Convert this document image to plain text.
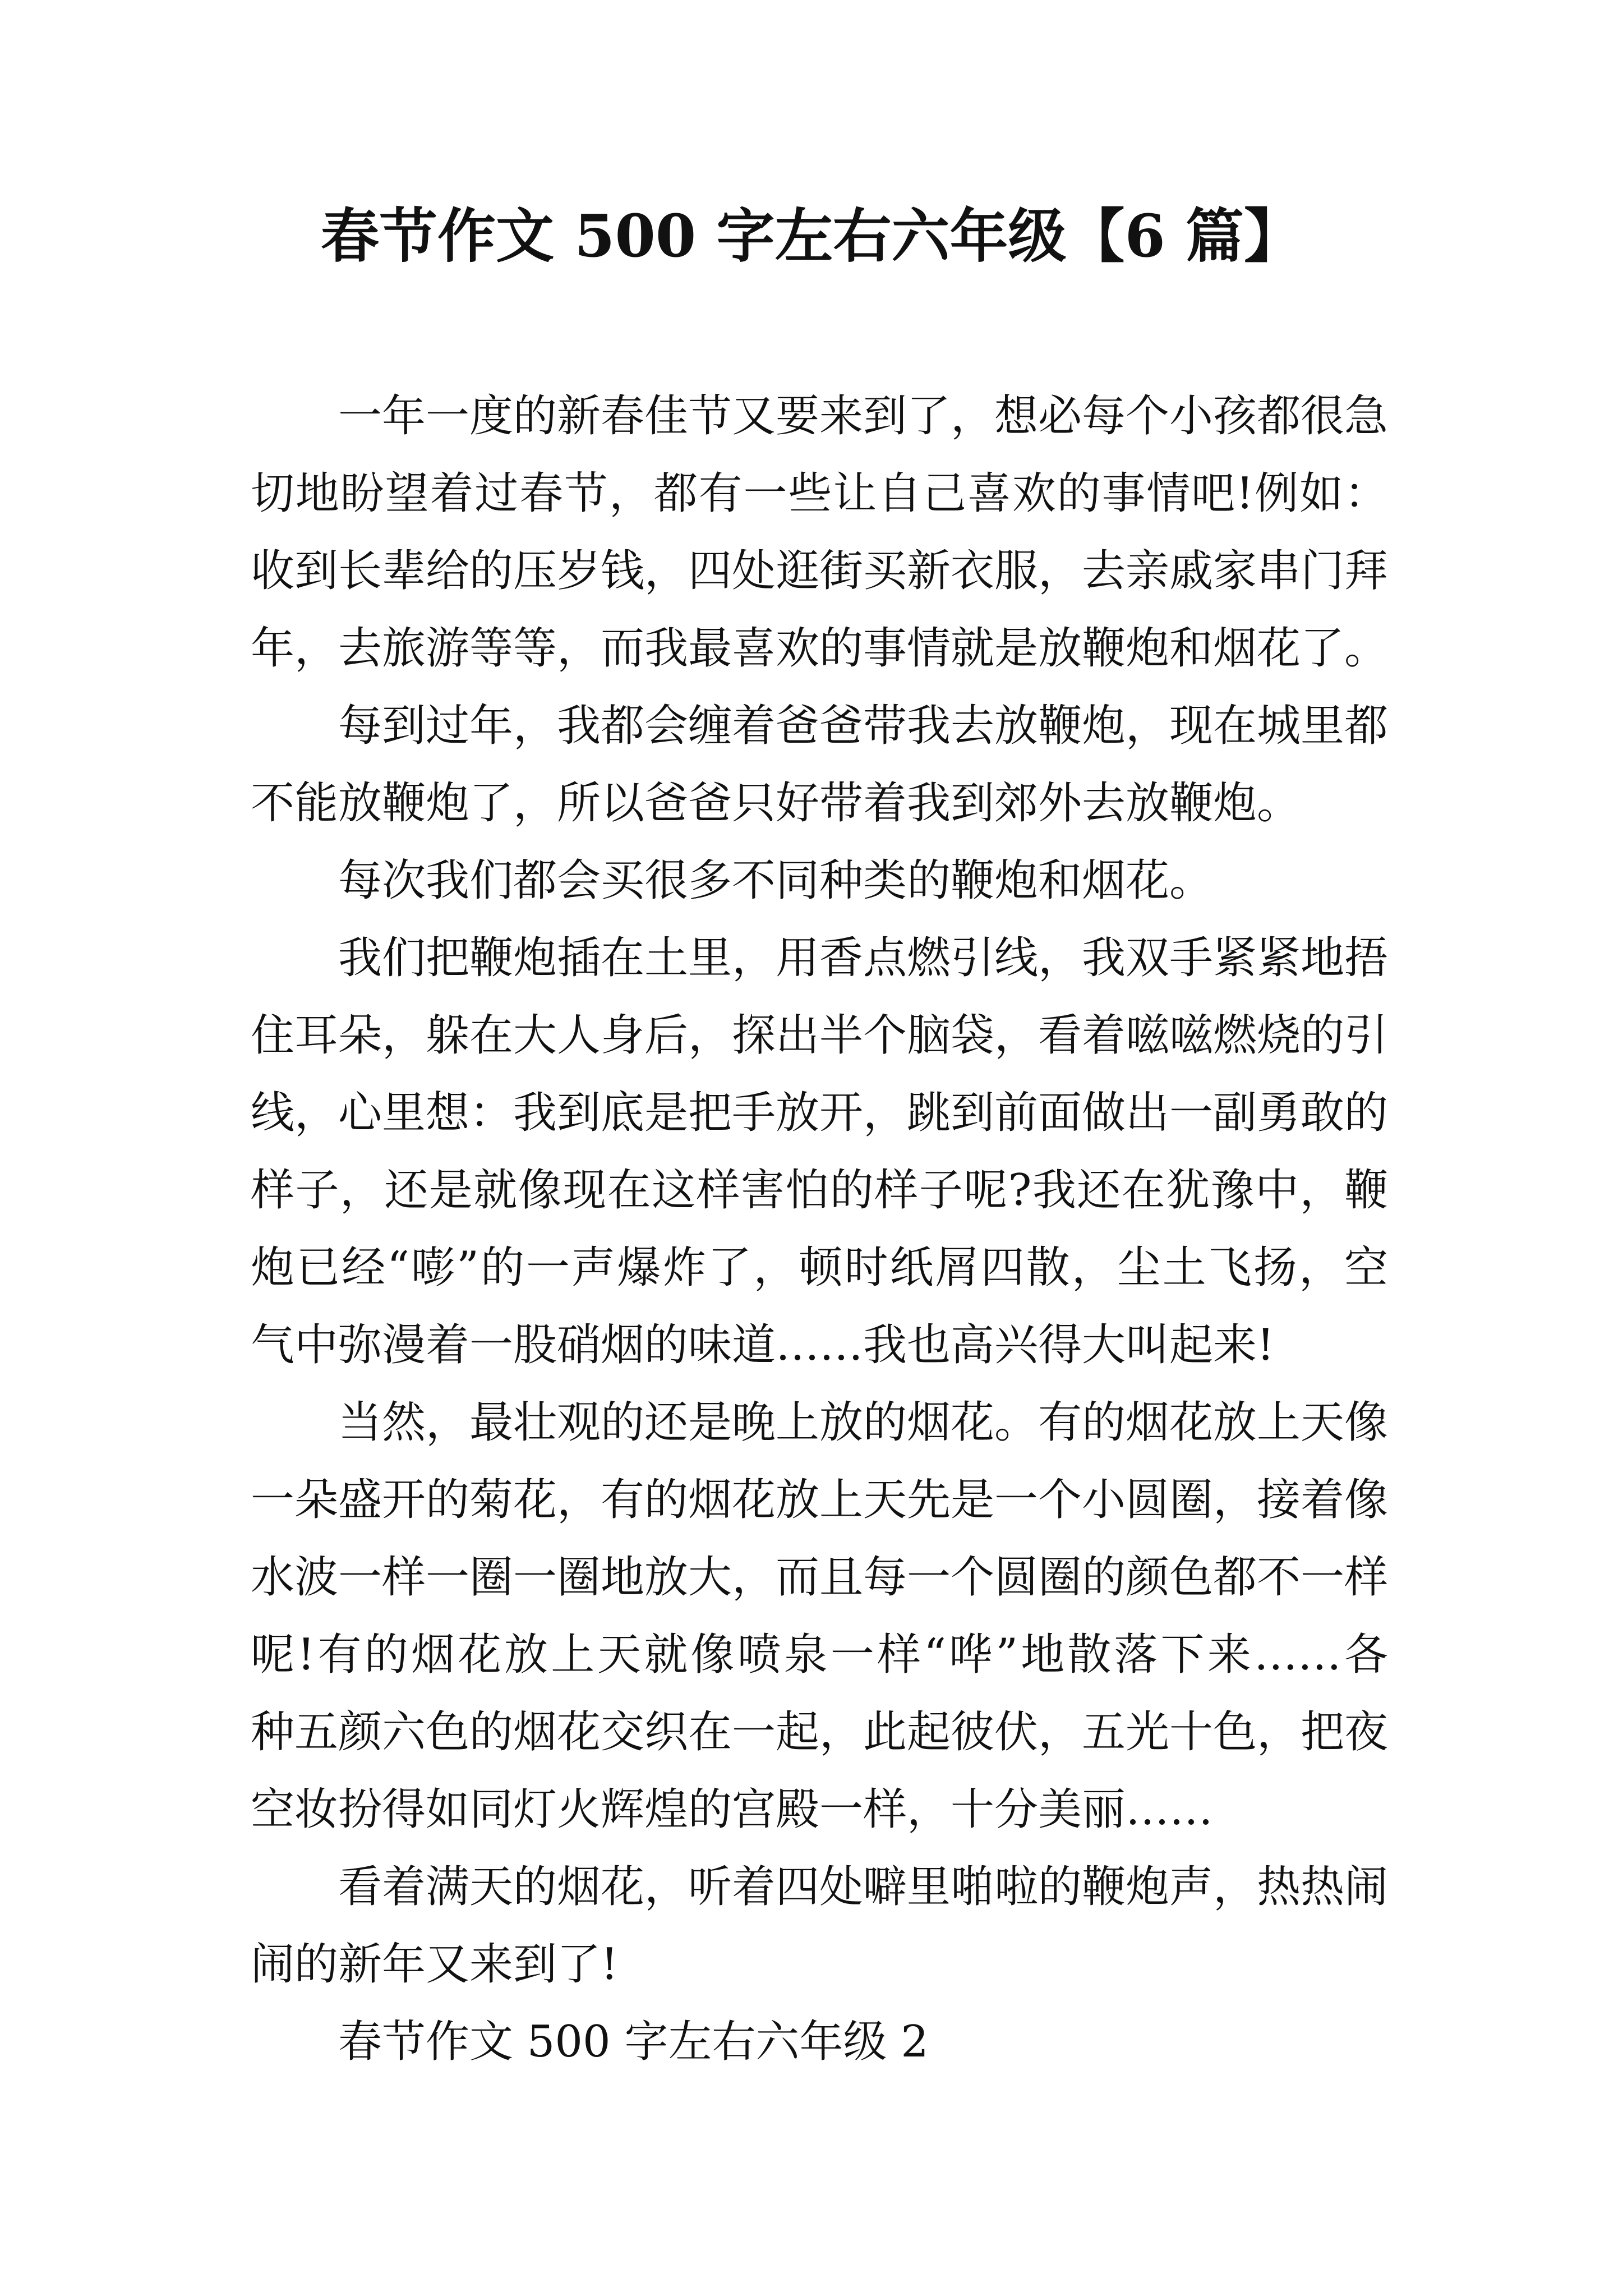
春节作文 500 字左右六年级【6 篇】
一年一度的新春佳节又要来到了，想必每个小孩都很急
切地盼望着过春节，都有一些让自己喜欢的事情吧!例如：
收到长辈给的压岁钱，四处逛街买新衣服，去亲戚家串门拜
年，去旅游等等，而我最喜欢的事情就是放鞭炮和烟花了。
每到过年，我都会缠着爸爸带我去放鞭炮，现在城里都
不能放鞭炮了，所以爸爸只好带着我到郊外去放鞭炮。
每次我们都会买很多不同种类的鞭炮和烟花。
我们把鞭炮插在土里，用香点燃引线，我双手紧紧地捂
住耳朵，躲在大人身后，探出半个脑袋，看着嗞嗞燃烧的引
线，心里想：我到底是把手放开，跳到前面做出一副勇敢的
样子，还是就像现在这样害怕的样子呢?我还在犹豫中，鞭
炮已经“嘭”的一声爆炸了，顿时纸屑四散，尘土飞扬，空
气中弥漫着一股硝烟的味道……我也高兴得大叫起来!
当然，最壮观的还是晚上放的烟花。有的烟花放上天像
一朵盛开的菊花，有的烟花放上天先是一个小圆圈，接着像
水波一样一圈一圈地放大，而且每一个圆圈的颜色都不一样
呢!有的烟花放上天就像喷泉一样“哗”地散落下来……各
种五颜六色的烟花交织在一起，此起彼伏，五光十色，把夜
空妆扮得如同灯火辉煌的宫殿一样，十分美丽……
看着满天的烟花，听着四处噼里啪啦的鞭炮声，热热闹
闹的新年又来到了!
春节作文 500 字左右六年级 2
